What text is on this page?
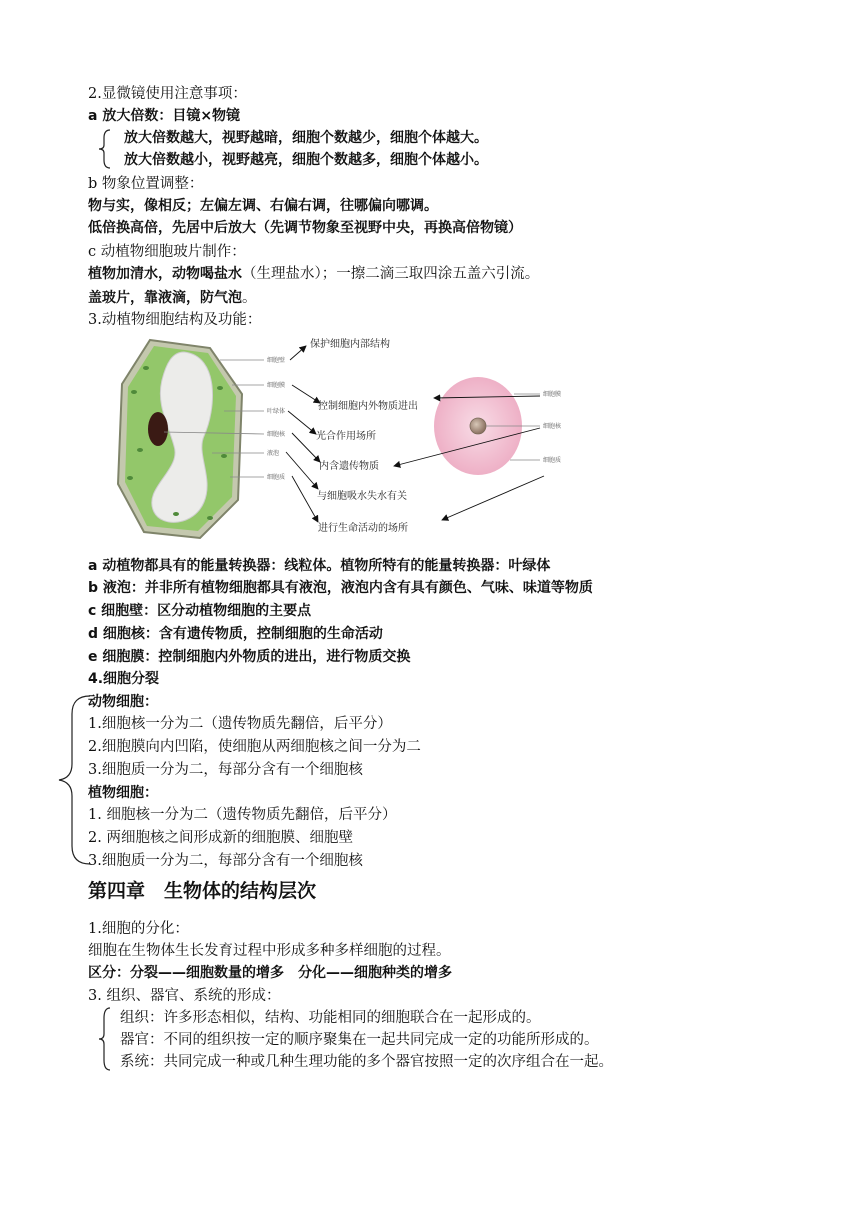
2.显微镜使用注意事项：
a 放大倍数：目镜×物镜
放大倍数越大，视野越暗，细胞个数越少，细胞个体越大。
放大倍数越小，视野越亮，细胞个数越多，细胞个体越小。
b 物象位置调整：
物与实，像相反；左偏左调、右偏右调，往哪偏向哪调。
低倍换高倍，先居中后放大（先调节物象至视野中央，再换高倍物镜）
c 动植物细胞玻片制作：
植物加清水，动物喝盐水（生理盐水）；一擦二滴三取四涂五盖六引流。
盖玻片，靠液滴，防气泡。
3.动植物细胞结构及功能：
细胞壁
细胞膜
叶绿体
细胞核
液泡
细胞质
保护细胞内部结构
控制细胞内外物质进出
光合作用场所
内含遗传物质
与细胞吸水失水有关
进行生命活动的场所
细胞膜
细胞核
细胞质
a 动植物都具有的能量转换器：线粒体。植物所特有的能量转换器：叶绿体
b 液泡：并非所有植物细胞都具有液泡，液泡内含有具有颜色、气味、味道等物质
c 细胞壁：区分动植物细胞的主要点
d 细胞核：含有遗传物质，控制细胞的生命活动
e 细胞膜：控制细胞内外物质的进出，进行物质交换
4.细胞分裂
动物细胞：
1.细胞核一分为二（遗传物质先翻倍，后平分）
2.细胞膜向内凹陷，使细胞从两细胞核之间一分为二
3.细胞质一分为二，每部分含有一个细胞核
植物细胞：
1. 细胞核一分为二（遗传物质先翻倍，后平分）
2. 两细胞核之间形成新的细胞膜、细胞壁
3.细胞质一分为二，每部分含有一个细胞核
第四章　生物体的结构层次
1.细胞的分化：
细胞在生物体生长发育过程中形成多种多样细胞的过程。
区分：分裂——细胞数量的增多　分化——细胞种类的增多
3. 组织、器官、系统的形成：
组织：许多形态相似，结构、功能相同的细胞联合在一起形成的。
器官：不同的组织按一定的顺序聚集在一起共同完成一定的功能所形成的。
系统：共同完成一种或几种生理功能的多个器官按照一定的次序组合在一起。
